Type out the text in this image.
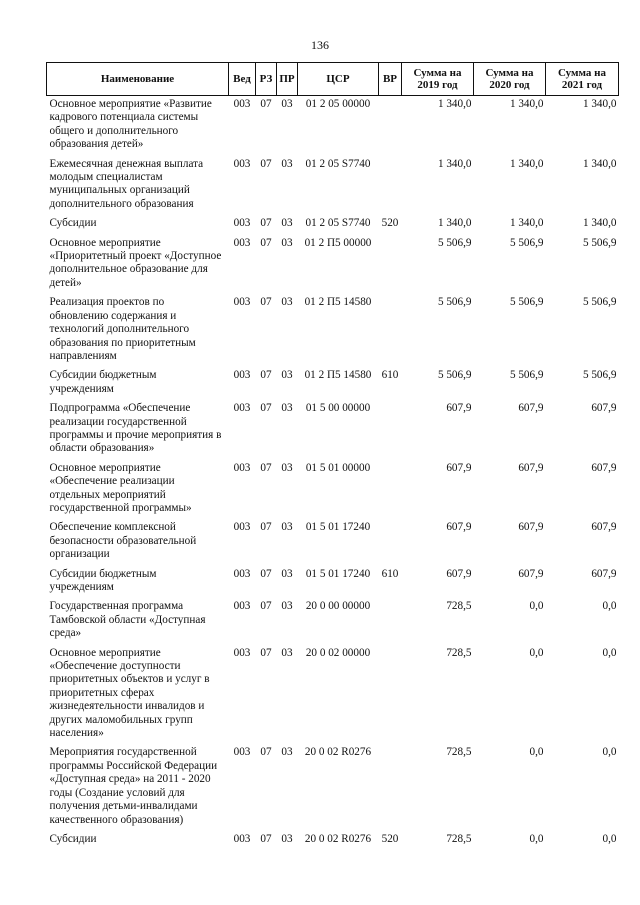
136
Наименование	Вед	РЗ	ПР	ЦСР	ВР	Сумма на 2019 год	Сумма на 2020 год	Сумма на 2021 год
Основное мероприятие «Развитие кадрового потенциала системы общего и дополнительного образования детей»	003	07	03	01 2 05 00000		1 340,0	1 340,0	1 340,0
Ежемесячная денежная выплата молодым специалистам муниципальных организаций дополнительного образования	003	07	03	01 2 05 S7740		1 340,0	1 340,0	1 340,0
Субсидии	003	07	03	01 2 05 S7740	520	1 340,0	1 340,0	1 340,0
Основное мероприятие «Приоритетный проект «Доступное дополнительное образование для детей»	003	07	03	01 2 П5 00000		5 506,9	5 506,9	5 506,9
Реализация проектов по обновлению содержания и технологий дополнительного образования по приоритетным направлениям	003	07	03	01 2 П5 14580		5 506,9	5 506,9	5 506,9
Субсидии бюджетным учреждениям	003	07	03	01 2 П5 14580	610	5 506,9	5 506,9	5 506,9
Подпрограмма «Обеспечение реализации государственной программы и прочие мероприятия в области образования»	003	07	03	01 5 00 00000		607,9	607,9	607,9
Основное мероприятие «Обеспечение реализации отдельных мероприятий государственной программы»	003	07	03	01 5 01 00000		607,9	607,9	607,9
Обеспечение комплексной безопасности образовательной организации	003	07	03	01 5 01 17240		607,9	607,9	607,9
Субсидии бюджетным учреждениям	003	07	03	01 5 01 17240	610	607,9	607,9	607,9
Государственная программа Тамбовской области «Доступная среда»	003	07	03	20 0 00 00000		728,5	0,0	0,0
Основное мероприятие «Обеспечение доступности приоритетных объектов и услуг в приоритетных сферах жизнедеятельности инвалидов и других маломобильных групп населения»	003	07	03	20 0 02 00000		728,5	0,0	0,0
Мероприятия государственной программы Российской Федерации «Доступная среда» на 2011 - 2020 годы (Создание условий для получения детьми-инвалидами качественного образования)	003	07	03	20 0 02 R0276		728,5	0,0	0,0
Субсидии	003	07	03	20 0 02 R0276	520	728,5	0,0	0,0
